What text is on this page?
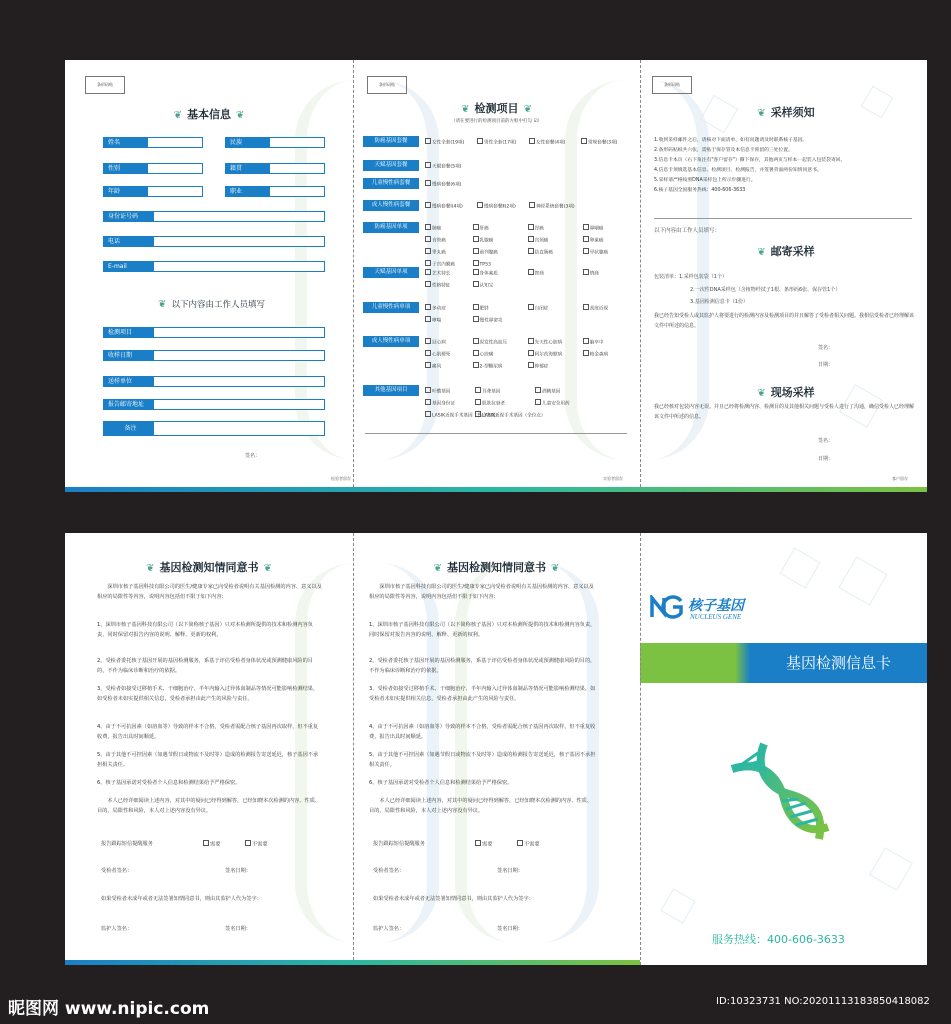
条形码贴
❦ 基本信息 ❦
姓名	民族
性别	籍贯
年龄	职业
身份证号码
电话
E-mail
❦ 以下内容由工作人员填写
检测项目
收样日期
送样单位
报告邮寄地址
备注
签名：
检验者留存
条形码贴
❦ 检测项目 ❦
（请在要进行的检测项目前的方框中打勾 ☑）
防癌基因套餐	女性全套(19项)	男性全套(17项)	女性套餐(4项)	常规套餐(3项)
天赋基因套餐	天赋套餐(5项)
儿童慢性病套餐	慢病套餐(6项)
成人慢性病套餐	慢病套餐Ⅰ(4项)	慢病套餐Ⅱ(2项)	神经系统套餐(3项)
防癌基因单项	肺癌	肝癌	胃癌	鼻咽癌
食管癌	乳腺癌	宫颈癌	卵巢癌
睾丸癌	前列腺癌	结直肠癌	甲状腺癌
子宫内膜癌	TP53
天赋基因单项	艺术特长	身体素质	智商	情商
性格特征	认知宝
儿童慢性病单项	多动症	肥胖	自闭症	高度近视
哮喘	慢性鼻窦炎
成人慢性病单项	冠心病	原发性高血压	先天性心脏病	脑卒中
心肌梗死	心绞痛	阿尔茨海默病	帕金森病
痛风	2-型糖尿病	抑郁症
其他基因项目	叶酸基因	耳聋基因	酒精基因
基因身份证	肌肤抗衰老	儿童安全用药
LASIK近视手术基因（热点突变）
LASIK近视手术基因（全位点）
实验者留存
条形码贴
❦ 采样须知
1.收到采样邮件之后，请核对下面清单，如有问题请及时联系核子基因。
2.条形码贴纸共六张，需贴于保存管及本信息卡预留的三处位置。
3.信息卡本页（右下角注有"客户留存"）撕下保存，其他两页与样本一起装入包装袋寄回。
4.信息卡须填选基本信息、检测项目、检测报告，并签署背面两份知情同意书。
5.采样请严格按照DNA采样包上所示步骤进行。
6.核子基因全国服务热线：400-606-3633
以下内容由工作人员填写：
❦ 邮寄采样
包装清单：1.采样包装袋（1个）
2.一次性DNA采样包（含植物纤拭子1根、条形码6张、保存管1个）
3.基因检测信息卡（1份）
我已经告知受检人或其监护人将要进行的检测内容及检测项目的并且解答了受检者相关问题。我相信受检者已经理解该文件中所述的信息。
签名：
日期：
❦ 现场采样
我已经核对包装内容无误。并且已经将检测内容、检测目的及其他相关问题与受检人进行了沟通，确信受检人已经理解该文件中所述的信息。
签名：
日期：
客户留存
❦ 基因检测知情同意书 ❦
深圳市核子基因科技有限公司的医生/健康专家已向受检者说明有关基因检测的内容、意义以及相应的局限性等内容，说明内容包括但不限于如下内容：
1、深圳市核子基因科技有限公司（以下简称核子基因）只对本检测所提供的技术和检测内容负责，同时保留对报告内容的说明、解释、更新的权利。
2、受检者委托核子基因开展的基因检测服务，系基于评估受检者身体状况或预测健康风险的目的，不作为临床诊断和治疗的依据。
3、受检者如接受过移植手术、干细胞治疗、半年内输入过异体血制品等情况可能影响检测结果，如受检者未如实提供相关信息，受检者承担由此产生的风险与责任。
4、由于不可抗因素（如溶血等）导致的样本不合格，受检者需配合核子基因再次取样，但不重复收费，报告出具时间顺延。
5、由于其他不可控因素（如遇节假日或物流不及时等）造成的检测报告寄送延迟，核子基因不承担相关责任。
6、核子基因承诺对受检者个人信息和检测结果给予严格保密。
本人已经详细阅读上述内容，对其中的疑问已经得到解答，已经知晓本次检测的内容、性质、目的、局限性和风险，本人对上述内容没有异议。
报告跟踪短信提醒服务	需要	不需要
受检者签名：	签名日期：
如果受检者未成年或者无法签署知情同意书，则由其监护人代为签字：
监护人签名：	签名日期：
❦ 基因检测知情同意书 ❦
深圳市核子基因科技有限公司的医生/健康专家已向受检者说明有关基因检测的内容、意义以及相应的局限性等内容，说明内容包括但不限于如下内容：
1、深圳市核子基因科技有限公司（以下简称核子基因）只对本检测所提供的技术和检测内容负责，同时保留对报告内容的说明、解释、更新的权利。
2、受检者委托核子基因开展的基因检测服务，系基于评估受检者身体状况或预测健康风险的目的，不作为临床诊断和治疗的依据。
3、受检者如接受过移植手术、干细胞治疗、半年内输入过异体血制品等情况可能影响检测结果，如受检者未如实提供相关信息，受检者承担由此产生的风险与责任。
4、由于不可抗因素（如溶血等）导致的样本不合格，受检者需配合核子基因再次取样，但不重复收费，报告出具时间顺延。
5、由于其他不可控因素（如遇节假日或物流不及时等）造成的检测报告寄送延迟，核子基因不承担相关责任。
6、核子基因承诺对受检者个人信息和检测结果给予严格保密。
本人已经详细阅读上述内容，对其中的疑问已经得到解答，已经知晓本次检测的内容、性质、目的、局限性和风险，本人对上述内容没有异议。
报告跟踪短信提醒服务	需要	不需要
受检者签名：	签名日期：
如果受检者未成年或者无法签署知情同意书，则由其监护人代为签字：
监护人签名：	签名日期：
核子基因
NUCLEUS GENE
基因检测信息卡
服务热线：400-606-3633
昵图网 www.nipic.com	ID:10323731 NO:20201113183850418082
